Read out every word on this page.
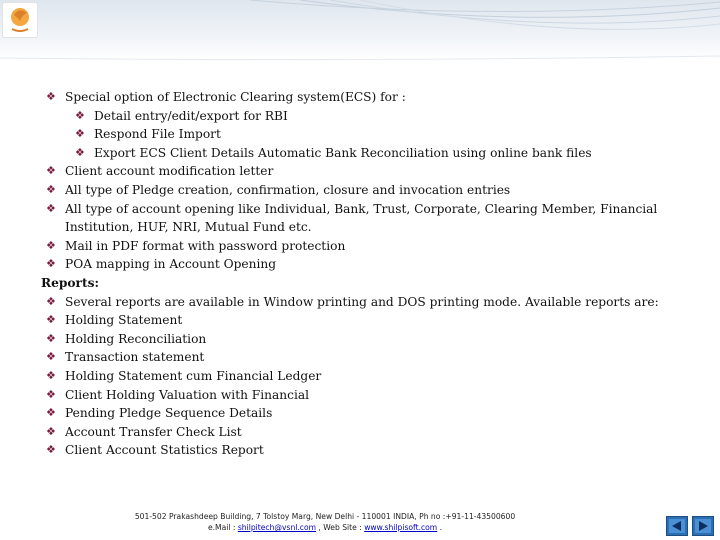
❖ Special option of Electronic Clearing system(ECS) for :
❖ Detail entry/edit/export for RBI
❖ Respond File Import
❖ Export ECS Client Details Automatic Bank Reconciliation using online bank files
❖ Client account modification letter
❖ All type of Pledge creation, confirmation, closure and invocation entries
❖ All type of account opening like Individual, Bank, Trust, Corporate, Clearing Member, Financial Institution, HUF, NRI, Mutual Fund etc.
❖ Mail in PDF format with password protection
❖ POA mapping in Account Opening
Reports:
❖ Several reports are available in Window printing and DOS printing mode. Available reports are:
❖ Holding Statement
❖ Holding Reconciliation
❖ Transaction statement
❖ Holding Statement cum Financial Ledger
❖ Client Holding Valuation with Financial
❖ Pending Pledge Sequence Details
❖ Account Transfer Check List
❖ Client Account Statistics Report
501-502 Prakashdeep Building, 7 Tolstoy Marg, New Delhi - 110001 INDIA, Ph no :+91-11-43500600
e.Mail : shilpitech@vsnl.com , Web Site : www.shilpisoft.com .
